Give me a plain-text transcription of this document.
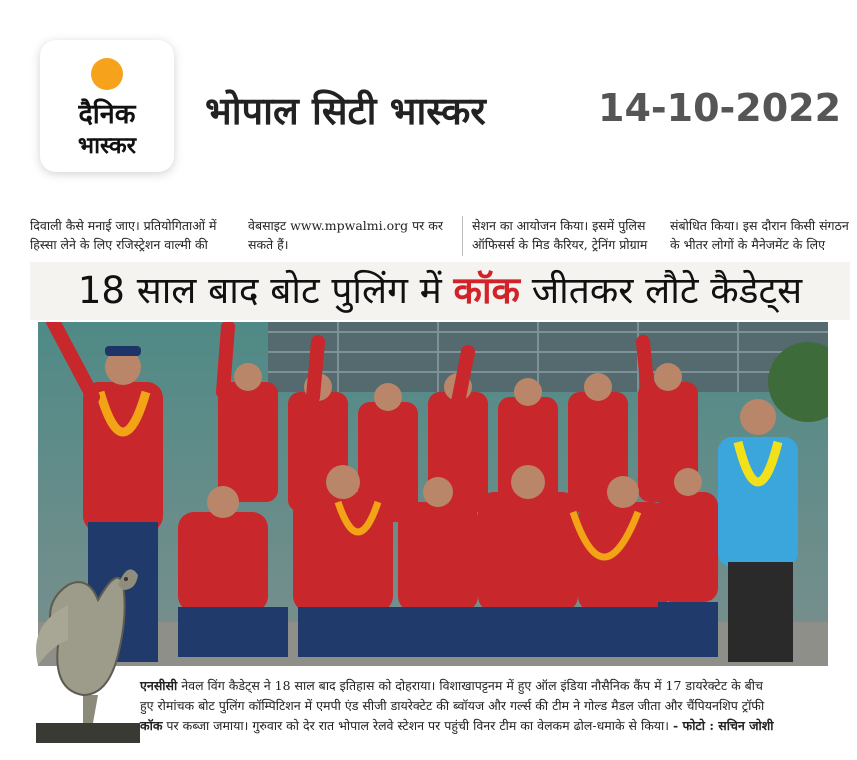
दैनिक
भास्कर
भोपाल सिटी भास्कर	14-10-2022
दिवाली कैसे मनाई जाए। प्रतियोगिताओं में
हिस्सा लेने के लिए रजिस्ट्रेशन वाल्मी की
वेबसाइट www.mpwalmi.org पर कर
सकते हैं।
सेशन का आयोजन किया। इसमें पुलिस
ऑफिसर्स के मिड कैरियर, ट्रेनिंग प्रोग्राम
संबोधित किया। इस दौरान किसी संगठन
के भीतर लोगों के मैनेजमेंट के लिए
18 साल बाद बोट पुलिंग में कॉक जीतकर लौटे कैडेट्स
एनसीसी नेवल विंग कैडेट्स ने 18 साल बाद इतिहास को दोहराया। विशाखापट्टनम में हुए ऑल इंडिया नौसैनिक कैंप में 17 डायरेक्टेट के बीच
हुए रोमांचक बोट पुलिंग कॉम्पिटिशन में एमपी एंड सीजी डायरेक्टेट की ब्वॉयज और गर्ल्स की टीम ने गोल्ड मैडल जीता और चैंपियनशिप ट्रॉफी
कॉक पर कब्जा जमाया। गुरुवार को देर रात भोपाल रेलवे स्टेशन पर पहुंची विनर टीम का वेलकम ढोल-धमाके से किया। - फोटो : सचिन जोशी
